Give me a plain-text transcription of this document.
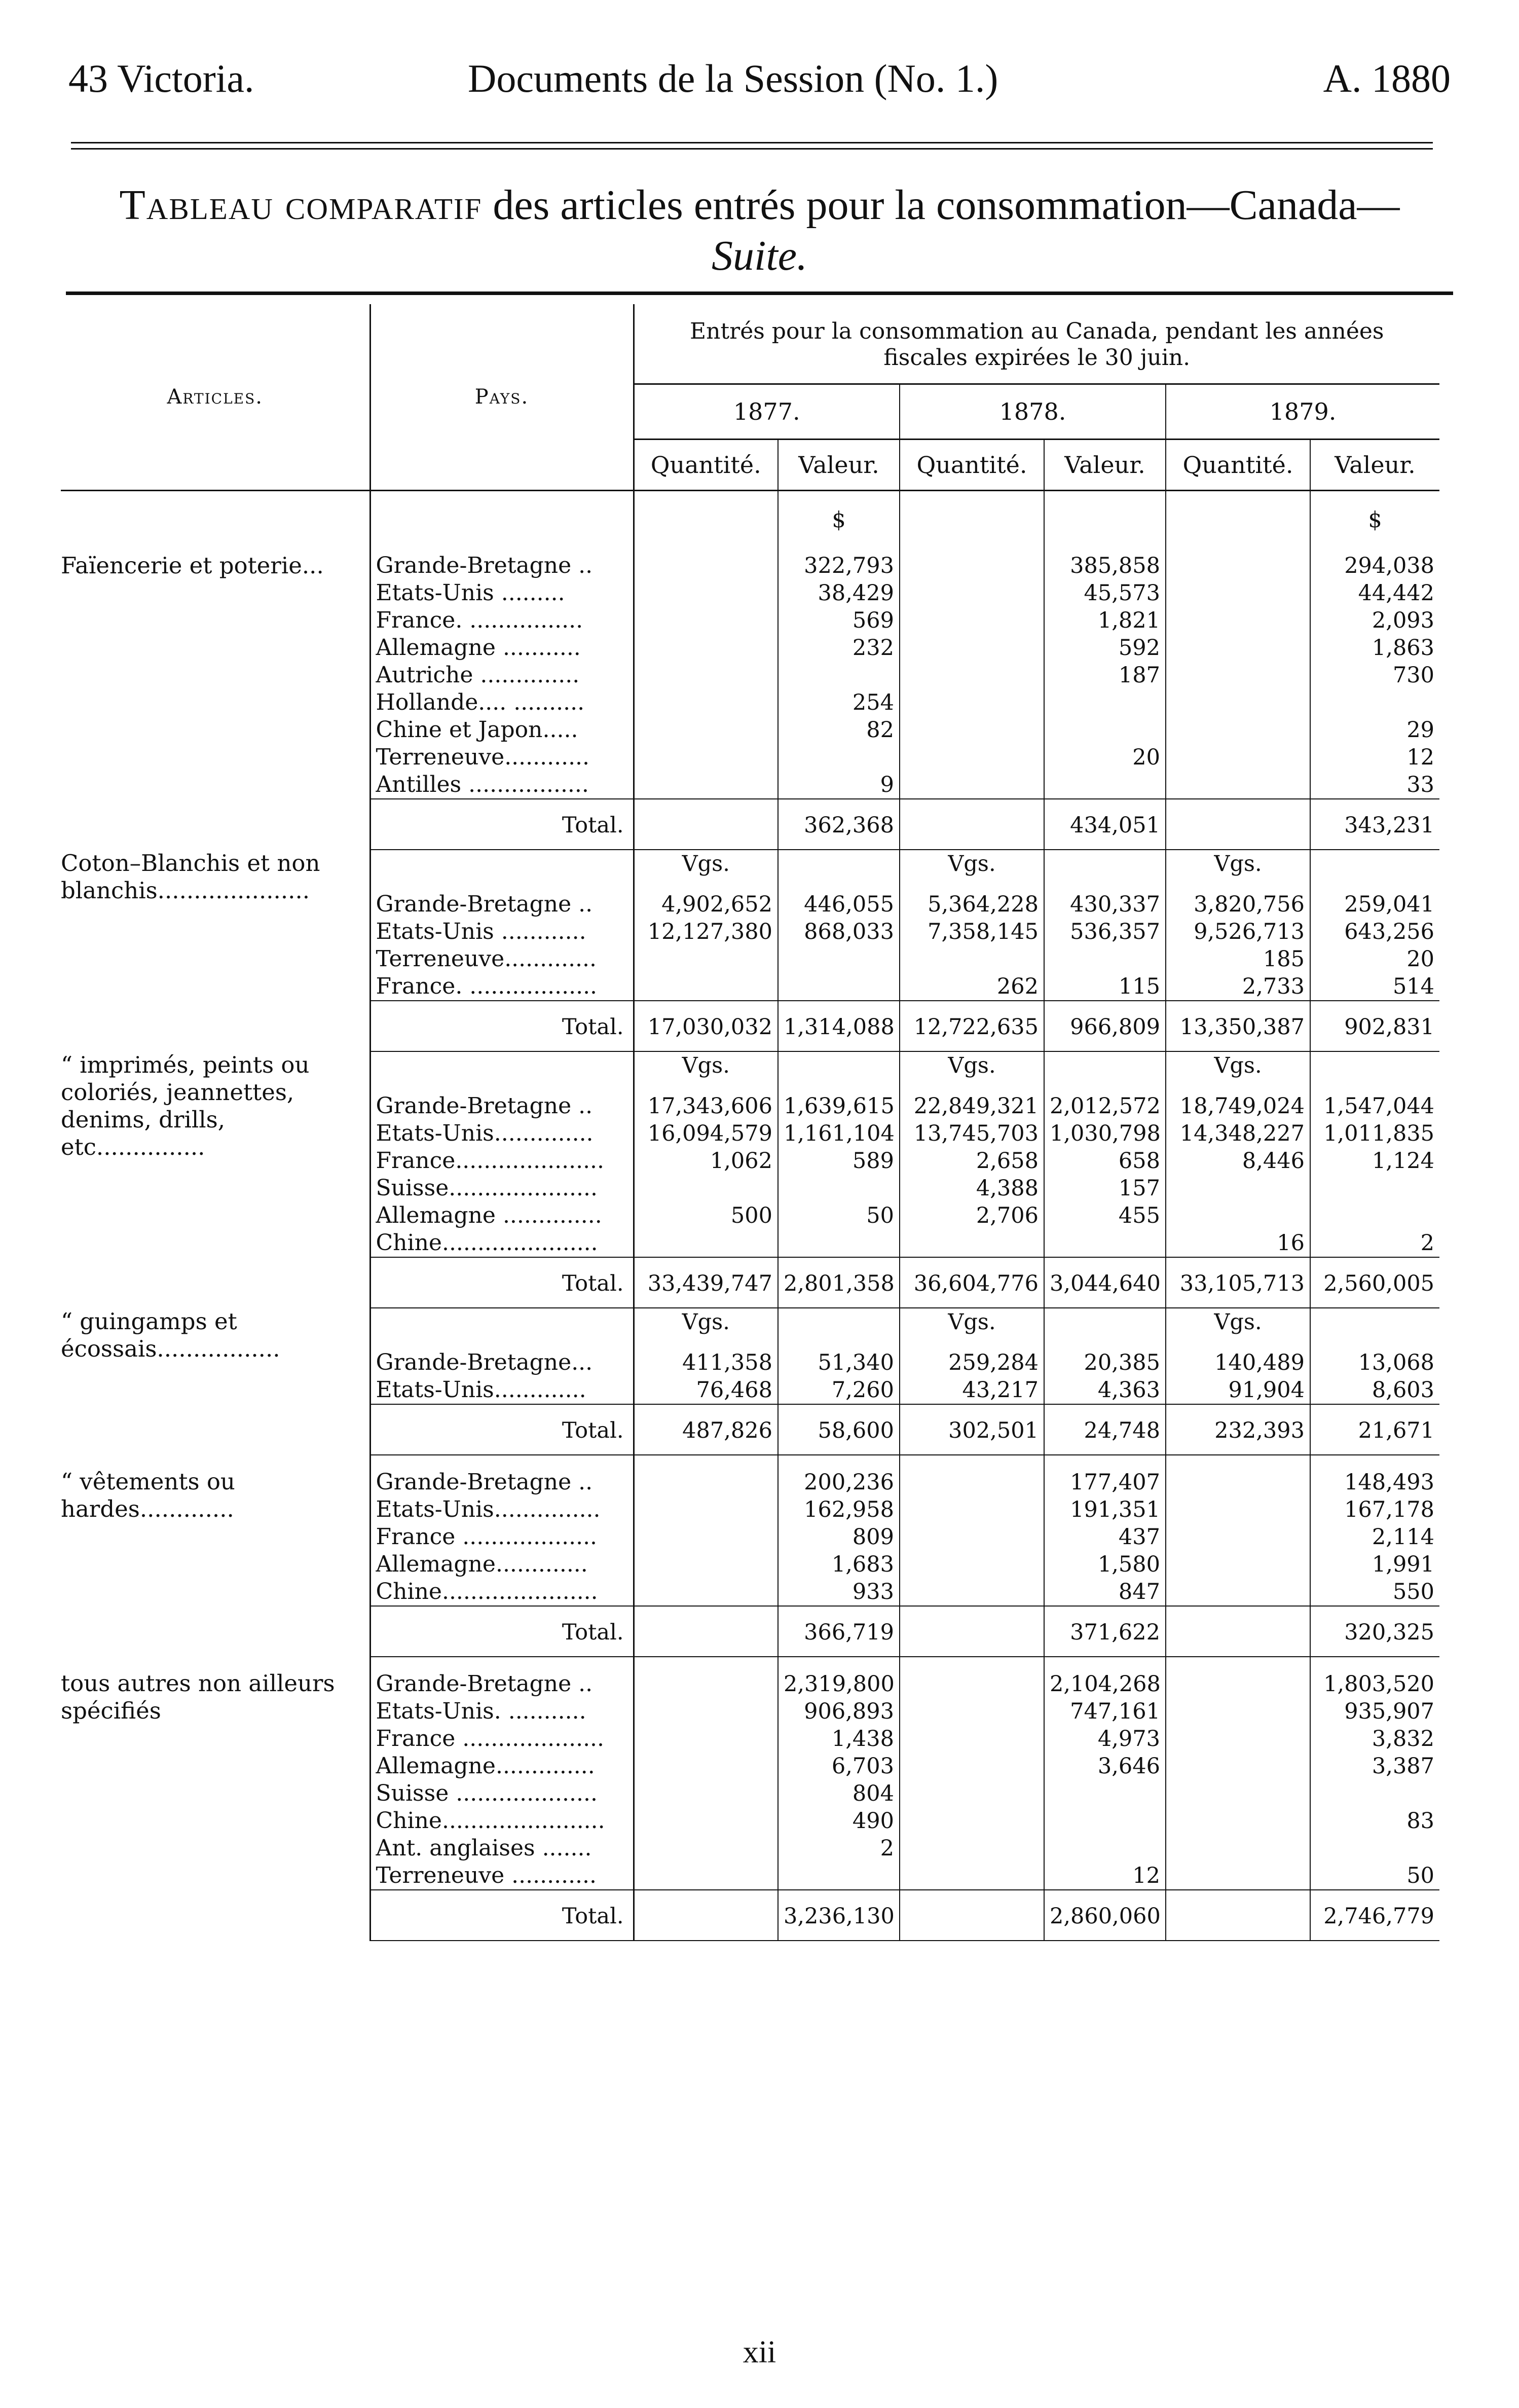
43 Victoria.	Documents de la Session (No. 1.)	A. 1880
Tableau comparatif des articles entrés pour la consommation—Canada—
Suite.
Articles.	Pays.	Entrés pour la consommation au Canada, pendant les années fiscales expirées le 30 juin.					
		1877.		1878.		1879.	
		Quantité.	Valeur.	Quantité.	Valeur.	Quantité.	Valeur.
			$				$
Faïencerie et poterie...	Grande-Bretagne ..		322,793		385,858		294,038
	Etats-Unis .........		38,429		45,573		44,442
	France. ................		569		1,821		2,093
	Allemagne ...........		232		592		1,863
	Autriche ..............				187		730
	Hollande.... ..........		254				
	Chine et Japon.....		82				29
	Terreneuve............				20		12
	Antilles .................		9				33
	Total.		362,368		434,051		343,231
Coton–Blanchis et non blanchis.....................		Vgs.		Vgs.		Vgs.	
	Grande-Bretagne ..	4,902,652	446,055	5,364,228	430,337	3,820,756	259,041
	Etats-Unis ............	12,127,380	868,033	7,358,145	536,357	9,526,713	643,256
	Terreneuve.............					185	20
	France. ..................			262	115	2,733	514
	Total.	17,030,032	1,314,088	12,722,635	966,809	13,350,387	902,831
“ imprimés, peints ou coloriés, jeannettes, denims, drills, etc...............		Vgs.		Vgs.		Vgs.	
	Grande-Bretagne ..	17,343,606	1,639,615	22,849,321	2,012,572	18,749,024	1,547,044
	Etats-Unis..............	16,094,579	1,161,104	13,745,703	1,030,798	14,348,227	1,011,835
	France.....................	1,062	589	2,658	658	8,446	1,124
	Suisse.....................			4,388	157		
	Allemagne ..............	500	50	2,706	455		
	Chine......................					16	2
	Total.	33,439,747	2,801,358	36,604,776	3,044,640	33,105,713	2,560,005
“ guingamps et écossais.................		Vgs.		Vgs.		Vgs.	
	Grande-Bretagne...	411,358	51,340	259,284	20,385	140,489	13,068
	Etats-Unis.............	76,468	7,260	43,217	4,363	91,904	8,603
	Total.	487,826	58,600	302,501	24,748	232,393	21,671
“ vêtements ou hardes.............	Grande-Bretagne ..		200,236		177,407		148,493
	Etats-Unis...............		162,958		191,351		167,178
	France ...................		809		437		2,114
	Allemagne.............		1,683		1,580		1,991
	Chine......................		933		847		550
	Total.		366,719		371,622		320,325
tous autres non ailleurs spécifiés	Grande-Bretagne ..		2,319,800		2,104,268		1,803,520
	Etats-Unis. ...........		906,893		747,161		935,907
	France ....................		1,438		4,973		3,832
	Allemagne..............		6,703		3,646		3,387
	Suisse ....................		804				
	Chine.......................		490				83
	Ant. anglaises .......		2				
	Terreneuve ............				12		50
	Total.		3,236,130		2,860,060		2,746,779
xii
